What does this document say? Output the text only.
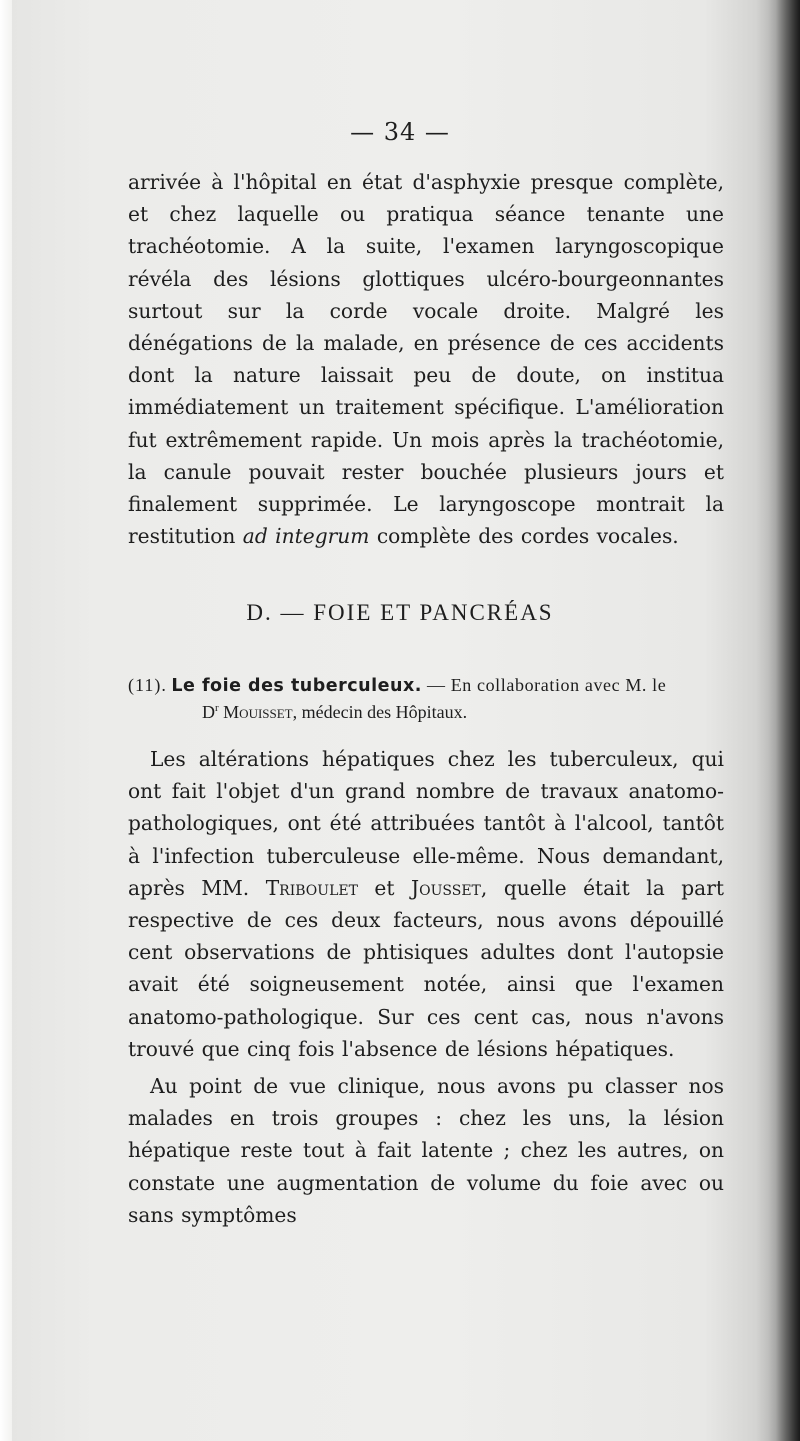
— 34 —
arrivée à l'hôpital en état d'asphyxie presque complète, et chez laquelle ou pratiqua séance tenante une trachéotomie. A la suite, l'examen laryngoscopique révéla des lésions glottiques ulcéro-bourgeonnantes surtout sur la corde vocale droite. Malgré les dénégations de la malade, en présence de ces accidents dont la nature laissait peu de doute, on institua immédiatement un traitement spécifique. L'amélioration fut extrêmement rapide. Un mois après la trachéotomie, la canule pouvait rester bouchée plusieurs jours et finalement supprimée. Le laryngoscope montrait la restitution ad integrum complète des cordes vocales.
D. — FOIE ET PANCRÉAS
(11). Le foie des tuberculeux. — En collaboration avec M. le
$D^r$ Mouisset, médecin des Hôpitaux.
Les altérations hépatiques chez les tuberculeux, qui ont fait l'objet d'un grand nombre de travaux anatomo-pathologiques, ont été attribuées tantôt à l'alcool, tantôt à l'infection tuberculeuse elle-même. Nous demandant, après MM. Triboulet et Jousset, quelle était la part respective de ces deux facteurs, nous avons dépouillé cent observations de phtisiques adultes dont l'autopsie avait été soigneusement notée, ainsi que l'examen anatomo-pathologique. Sur ces cent cas, nous n'avons trouvé que cinq fois l'absence de lésions hépatiques.
Au point de vue clinique, nous avons pu classer nos malades en trois groupes : chez les uns, la lésion hépatique reste tout à fait latente ; chez les autres, on constate une augmentation de volume du foie avec ou sans symptômes
